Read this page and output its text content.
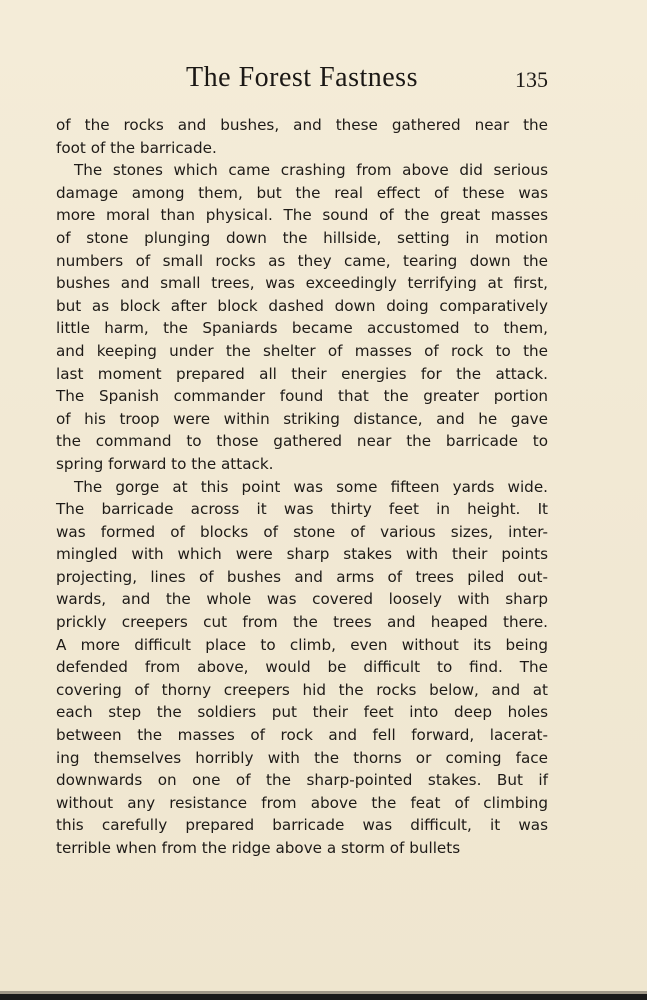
The Forest Fastness	135
of the rocks and bushes, and these gathered near the
foot of the barricade.
The stones which came crashing from above did serious
damage among them, but the real effect of these was
more moral than physical. The sound of the great masses
of stone plunging down the hillside, setting in motion
numbers of small rocks as they came, tearing down the
bushes and small trees, was exceedingly terrifying at first,
but as block after block dashed down doing comparatively
little harm, the Spaniards became accustomed to them,
and keeping under the shelter of masses of rock to the
last moment prepared all their energies for the attack.
The Spanish commander found that the greater portion
of his troop were within striking distance, and he gave
the command to those gathered near the barricade to
spring forward to the attack.
The gorge at this point was some fifteen yards wide.
The barricade across it was thirty feet in height. It
was formed of blocks of stone of various sizes, inter-
mingled with which were sharp stakes with their points
projecting, lines of bushes and arms of trees piled out-
wards, and the whole was covered loosely with sharp
prickly creepers cut from the trees and heaped there.
A more difficult place to climb, even without its being
defended from above, would be difficult to find. The
covering of thorny creepers hid the rocks below, and at
each step the soldiers put their feet into deep holes
between the masses of rock and fell forward, lacerat-
ing themselves horribly with the thorns or coming face
downwards on one of the sharp-pointed stakes. But if
without any resistance from above the feat of climbing
this carefully prepared barricade was difficult, it was
terrible when from the ridge above a storm of bullets
